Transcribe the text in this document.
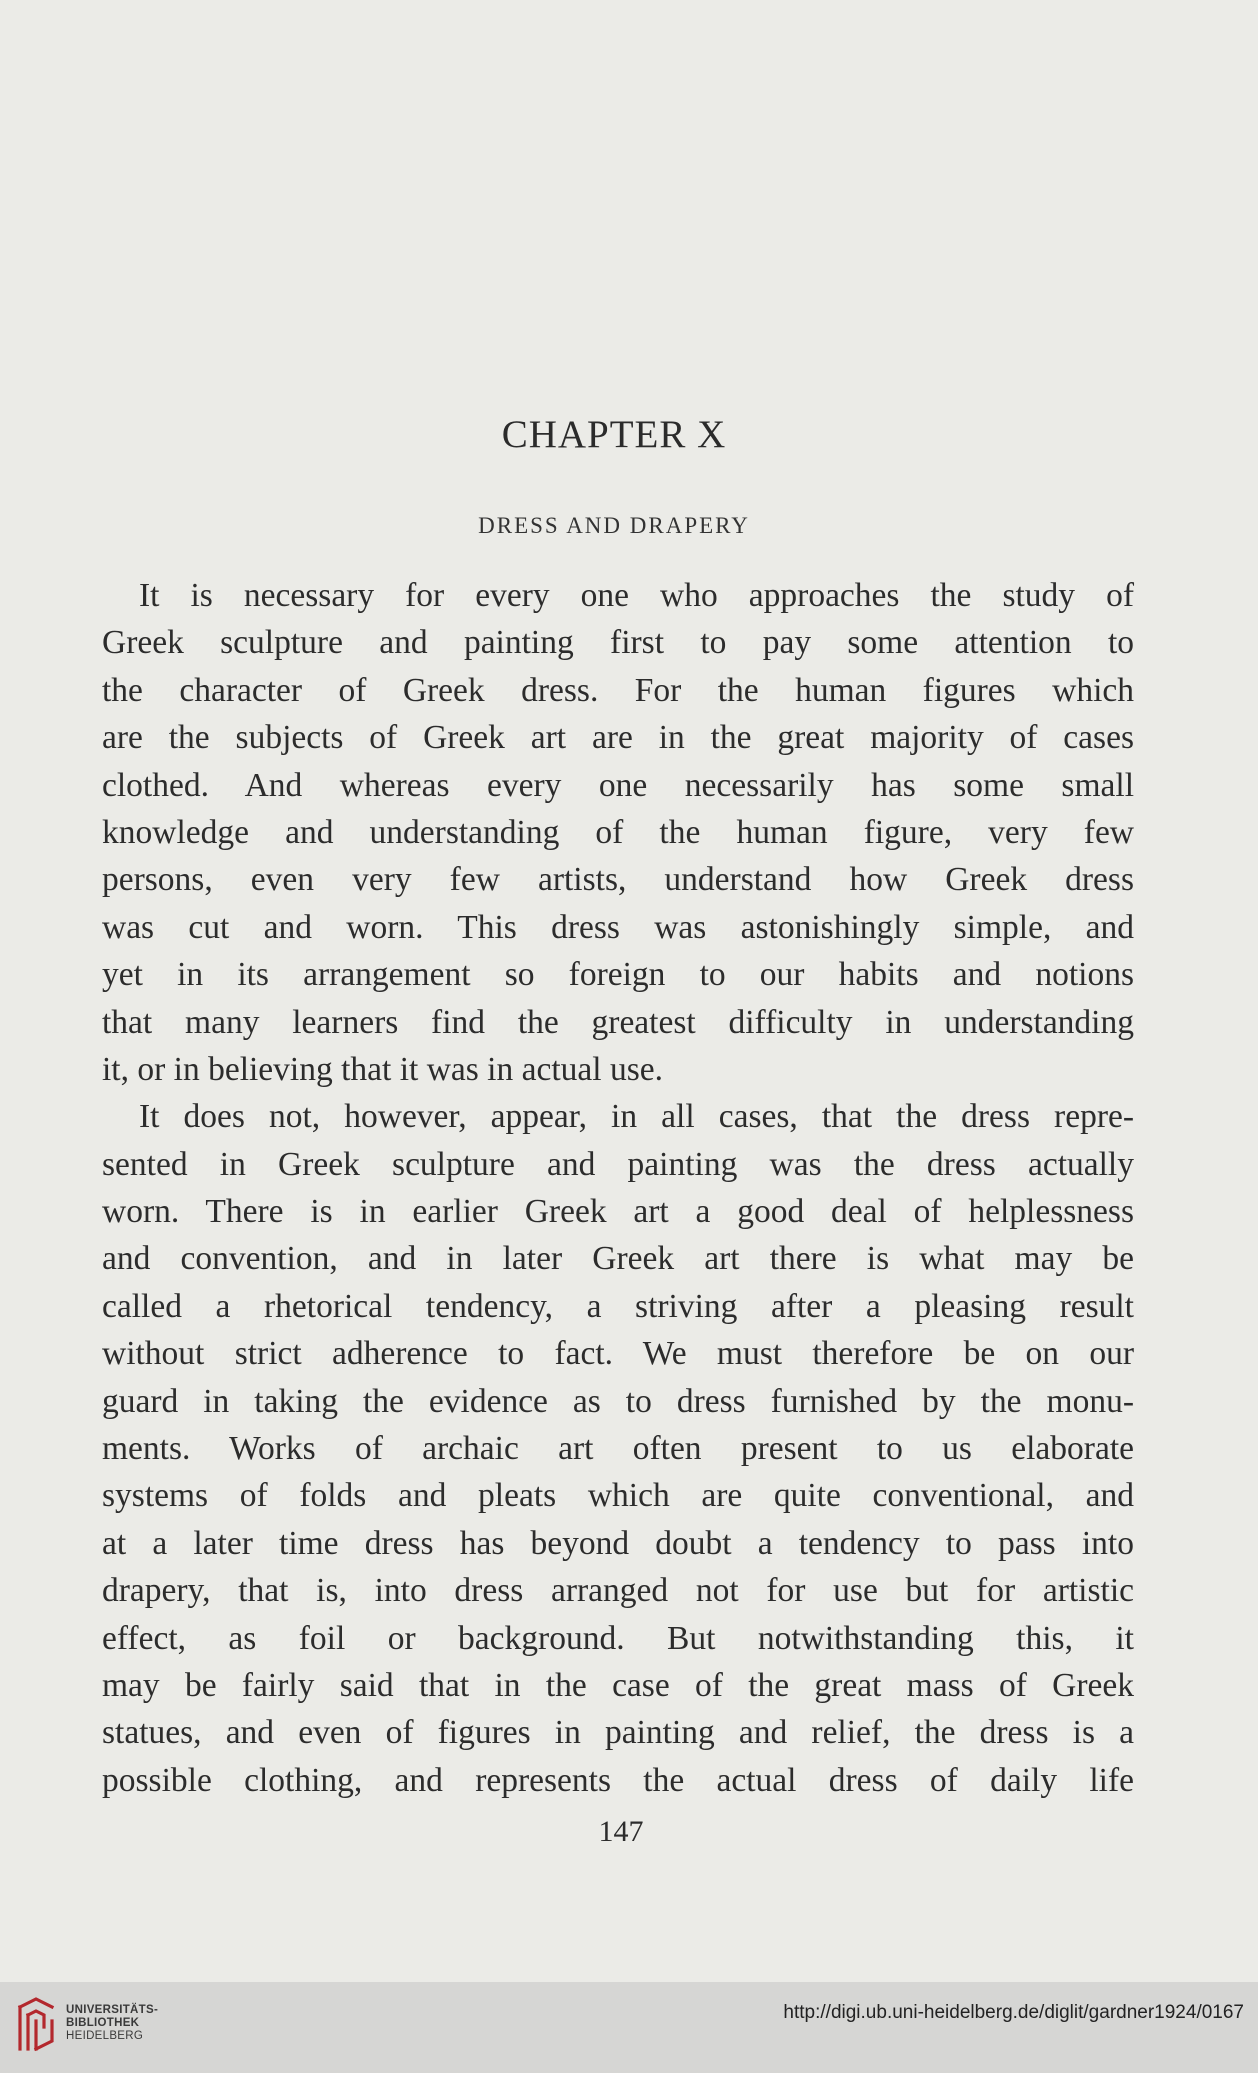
CHAPTER X
DRESS AND DRAPERY
It is necessary for every one who approaches the study of
Greek sculpture and painting first to pay some attention to
the character of Greek dress. For the human figures which
are the subjects of Greek art are in the great majority of cases
clothed. And whereas every one necessarily has some small
knowledge and understanding of the human figure, very few
persons, even very few artists, understand how Greek dress
was cut and worn. This dress was astonishingly simple, and
yet in its arrangement so foreign to our habits and notions
that many learners find the greatest difficulty in understanding
it, or in believing that it was in actual use.
It does not, however, appear, in all cases, that the dress repre-
sented in Greek sculpture and painting was the dress actually
worn. There is in earlier Greek art a good deal of helplessness
and convention, and in later Greek art there is what may be
called a rhetorical tendency, a striving after a pleasing result
without strict adherence to fact. We must therefore be on our
guard in taking the evidence as to dress furnished by the monu-
ments. Works of archaic art often present to us elaborate
systems of folds and pleats which are quite conventional, and
at a later time dress has beyond doubt a tendency to pass into
drapery, that is, into dress arranged not for use but for artistic
effect, as foil or background. But notwithstanding this, it
may be fairly said that in the case of the great mass of Greek
statues, and even of figures in painting and relief, the dress is a
possible clothing, and represents the actual dress of daily life
147
UNIVERSITÄTS-
BIBLIOTHEK
HEIDELBERG
http://digi.ub.uni-heidelberg.de/diglit/gardner1924/0167
